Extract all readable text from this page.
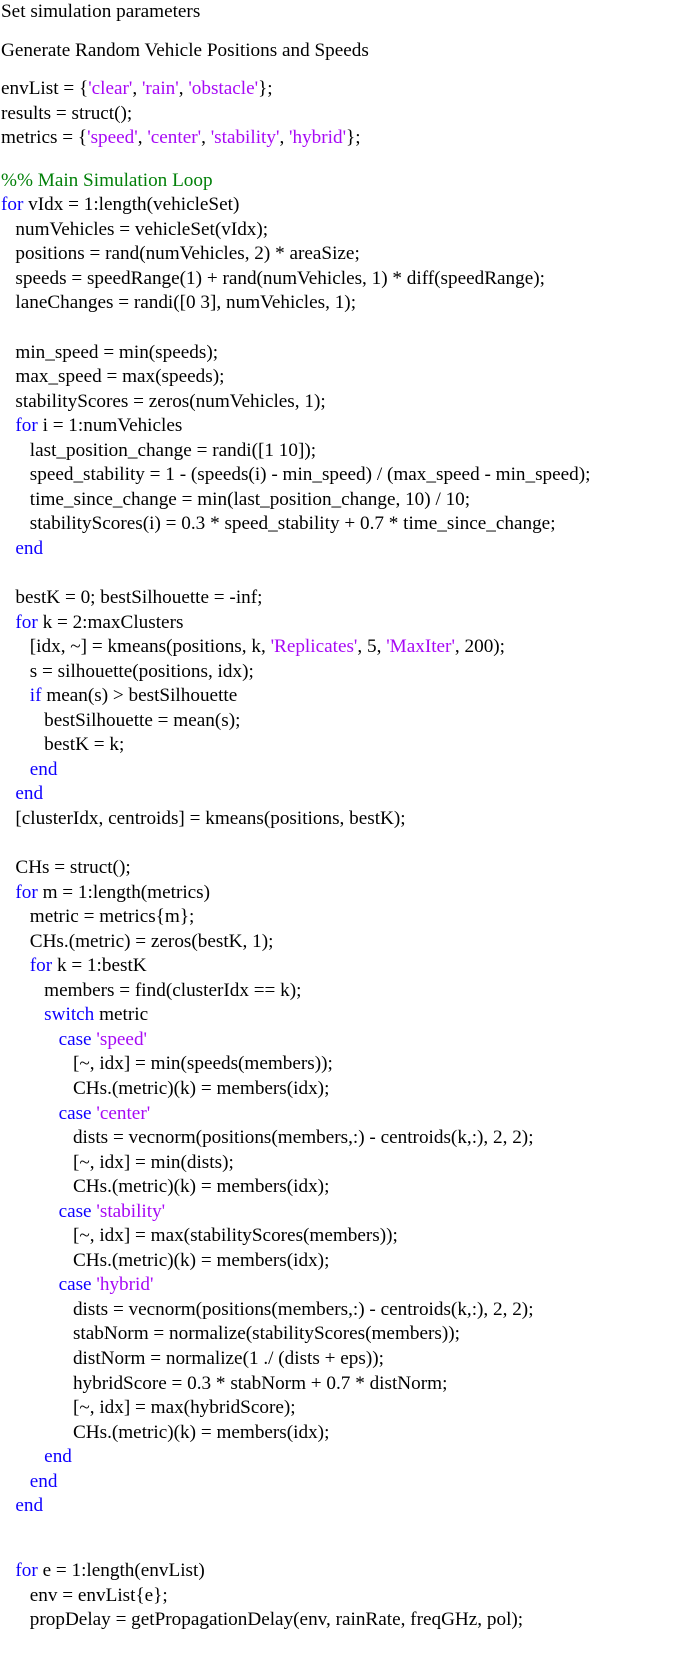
Set simulation parameters
Generate Random Vehicle Positions and Speeds
envList = {'clear', 'rain', 'obstacle'};
results = struct();
metrics = {'speed', 'center', 'stability', 'hybrid'};
%% Main Simulation Loop
for vIdx = 1:length(vehicleSet)
numVehicles = vehicleSet(vIdx);
positions = rand(numVehicles, 2) * areaSize;
speeds = speedRange(1) + rand(numVehicles, 1) * diff(speedRange);
laneChanges = randi([0 3], numVehicles, 1);
min_speed = min(speeds);
max_speed = max(speeds);
stabilityScores = zeros(numVehicles, 1);
for i = 1:numVehicles
last_position_change = randi([1 10]);
speed_stability = 1 - (speeds(i) - min_speed) / (max_speed - min_speed);
time_since_change = min(last_position_change, 10) / 10;
stabilityScores(i) = 0.3 * speed_stability + 0.7 * time_since_change;
end
bestK = 0; bestSilhouette = -inf;
for k = 2:maxClusters
[idx, ~] = kmeans(positions, k, 'Replicates', 5, 'MaxIter', 200);
s = silhouette(positions, idx);
if mean(s) > bestSilhouette
bestSilhouette = mean(s);
bestK = k;
end
end
[clusterIdx, centroids] = kmeans(positions, bestK);
CHs = struct();
for m = 1:length(metrics)
metric = metrics{m};
CHs.(metric) = zeros(bestK, 1);
for k = 1:bestK
members = find(clusterIdx == k);
switch metric
case 'speed'
[~, idx] = min(speeds(members));
CHs.(metric)(k) = members(idx);
case 'center'
dists = vecnorm(positions(members,:) - centroids(k,:), 2, 2);
[~, idx] = min(dists);
CHs.(metric)(k) = members(idx);
case 'stability'
[~, idx] = max(stabilityScores(members));
CHs.(metric)(k) = members(idx);
case 'hybrid'
dists = vecnorm(positions(members,:) - centroids(k,:), 2, 2);
stabNorm = normalize(stabilityScores(members));
distNorm = normalize(1 ./ (dists + eps));
hybridScore = 0.3 * stabNorm + 0.7 * distNorm;
[~, idx] = max(hybridScore);
CHs.(metric)(k) = members(idx);
end
end
end
for e = 1:length(envList)
env = envList{e};
propDelay = getPropagationDelay(env, rainRate, freqGHz, pol);
